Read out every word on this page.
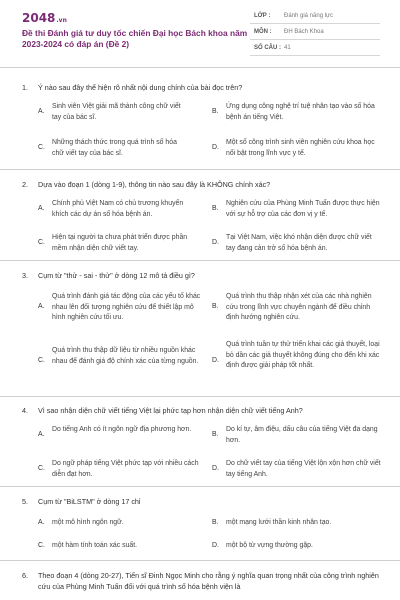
2048.vn
Đề thi Đánh giá tư duy tốc chiến Đại học Bách khoa năm 2023-2024 có đáp án (Đề 2)
LỚP : Đánh giá năng lực
MÔN : ĐH Bách Khoa
SỐ CÂU : 41
1.	Ý nào sau đây thể hiện rõ nhất nội dung chính của bài đọc trên?
A.
Sinh viên Việt giải mã thành công chữ viết tay của bác sĩ.
B.
Ứng dụng công nghệ trí tuệ nhân tạo vào số hóa bệnh án tiếng Việt.
C.
Những thách thức trong quá trình số hóa chữ viết tay của bác sĩ.
D.
Một số công trình sinh viên nghiên cứu khoa học nổi bật trong lĩnh vực y tế.
2.	Dựa vào đoạn 1 (dòng 1-9), thông tin nào sau đây là KHÔNG chính xác?
A.
Chính phủ Việt Nam có chủ trương khuyến khích các dự án số hóa bệnh án.
B.
Nghiên cứu của Phùng Minh Tuấn được thực hiện với sự hỗ trợ của các đơn vị y tế.
C.
Hiện tại người ta chưa phát triển được phần mềm nhận diện chữ viết tay.
D.
Tại Việt Nam, việc khó nhận diện được chữ viết tay đang cản trở số hóa bệnh án.
3.	Cụm từ "thử - sai - thử" ở dòng 12 mô tả điều gì?
A.
Quá trình đánh giá tác động của các yếu tố khác nhau lên đối tượng nghiên cứu để thiết lập mô hình nghiên cứu tối ưu.
B.
Quá trình thu thập nhận xét của các nhà nghiên cứu trong lĩnh vực chuyên ngành để điều chỉnh định hướng nghiên cứu.
C.
Quá trình thu thập dữ liệu từ nhiều nguồn khác nhau để đánh giá độ chính xác của từng nguồn.	D.
Quá trình tuần tự thử triển khai các giả thuyết, loại bỏ dần các giả thuyết không đúng cho đến khi xác định được giải pháp tốt nhất.
4.	Vì sao nhận diện chữ viết tiếng Việt lại phức tạp hơn nhận diện chữ viết tiếng Anh?
A.
Do tiếng Anh có ít ngôn ngữ địa phương hơn.
B.
Do kí tự, âm điệu, dấu câu của tiếng Việt đa dạng hơn.
C.
Do ngữ pháp tiếng Việt phức tạp với nhiều cách diễn đạt hơn.
D.
Do chữ viết tay của tiếng Việt lộn xộn hơn chữ viết tay tiếng Anh.
5.	Cụm từ "BiLSTM" ở dòng 17 chỉ
A. một mô hình ngôn ngữ.	B. một mạng lưới thần kinh nhân tạo.
C. một hàm tính toán xác suất.	D. một bộ từ vựng thường gặp.
6.	Theo đoạn 4 (dòng 20-27), Tiến sĩ Đinh Ngọc Minh cho rằng ý nghĩa quan trọng nhất của công trình nghiên cứu của Phùng Minh Tuấn đối với quá trình số hóa bệnh viện là
